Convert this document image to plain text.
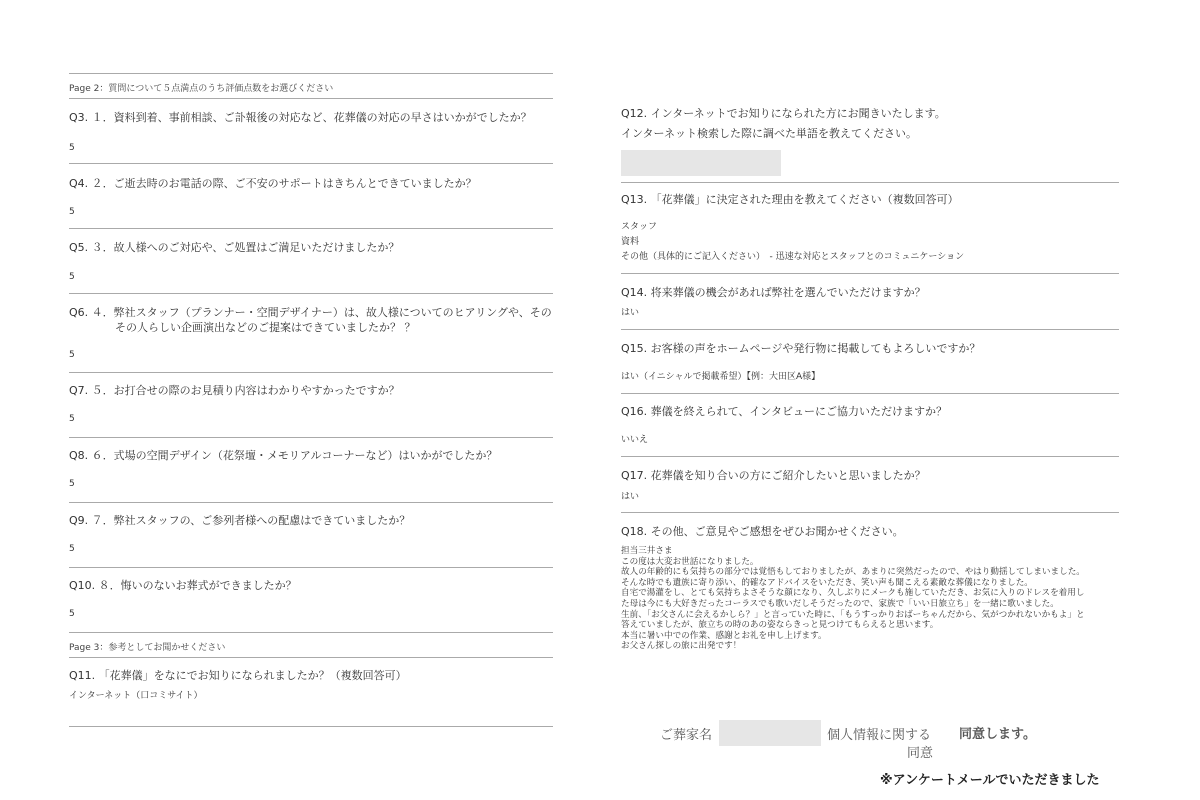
Page 2：質問について５点満点のうち評価点数をお選びください
Q3. １．資料到着、事前相談、ご訃報後の対応など、花葬儀の対応の早さはいかがでしたか？
5
Q4. ２．ご逝去時のお電話の際、ご不安のサポートはきちんとできていましたか？
5
Q5. ３．故人様へのご対応や、ご処置はご満足いただけましたか？
5
Q6. ４．弊社スタッフ（プランナー・空間デザイナー）は、故人様についてのヒアリングや、その
その人らしい企画演出などのご提案はできていましたか？ ？
5
Q7. ５．お打合せの際のお見積り内容はわかりやすかったですか？
5
Q8. ６．式場の空間デザイン（花祭壇・メモリアルコーナーなど）はいかがでしたか？
5
Q9. ７．弊社スタッフの、ご参列者様への配慮はできていましたか？
5
Q10. ８．悔いのないお葬式ができましたか？
5
Page 3：参考としてお聞かせください
Q11. 「花葬儀」をなにでお知りになられましたか？（複数回答可）
インターネット（口コミサイト）
Q12. インターネットでお知りになられた方にお聞きいたします。
インターネット検索した際に調べた単語を教えてください。
Q13. 「花葬儀」に決定された理由を教えてください（複数回答可）
スタッフ
資料
その他（具体的にご記入ください）　- 迅速な対応とスタッフとのコミュニケーション
Q14. 将来葬儀の機会があれば弊社を選んでいただけますか？
はい
Q15. お客様の声をホームページや発行物に掲載してもよろしいですか？
はい（イニシャルで掲載希望）【例：大田区A様】
Q16. 葬儀を終えられて、インタビューにご協力いただけますか？
いいえ
Q17. 花葬儀を知り合いの方にご紹介したいと思いましたか？
はい
Q18. その他、ご意見やご感想をぜひお聞かせください。
担当三井さま
この度は大変お世話になりました。
故人の年齢的にも気持ちの部分では覚悟もしておりましたが、あまりに突然だったので、やはり動揺してしまいました。
そんな時でも遺族に寄り添い、的確なアドバイスをいただき、笑い声も聞こえる素敵な葬儀になりました。
自宅で湯灌をし、とても気持ちよさそうな顔になり、久しぶりにメークも施していただき、お気に入りのドレスを着用した母は今にも大好きだったコーラスでも歌いだしそうだったので、家族で「いい日旅立ち」を一緒に歌いました。
生前、「お父さんに会えるかしら？」と言っていた時に、「もうすっかりおばーちゃんだから、気がつかれないかもよ」と答えていましたが、旅立ちの時のあの姿ならきっと見つけてもらえると思います。
本当に暑い中での作業、感謝とお礼を申し上げます。
お父さん探しの旅に出発です！
ご葬家名	個人情報に関する
同意
同意します。
※アンケートメールでいただきました
